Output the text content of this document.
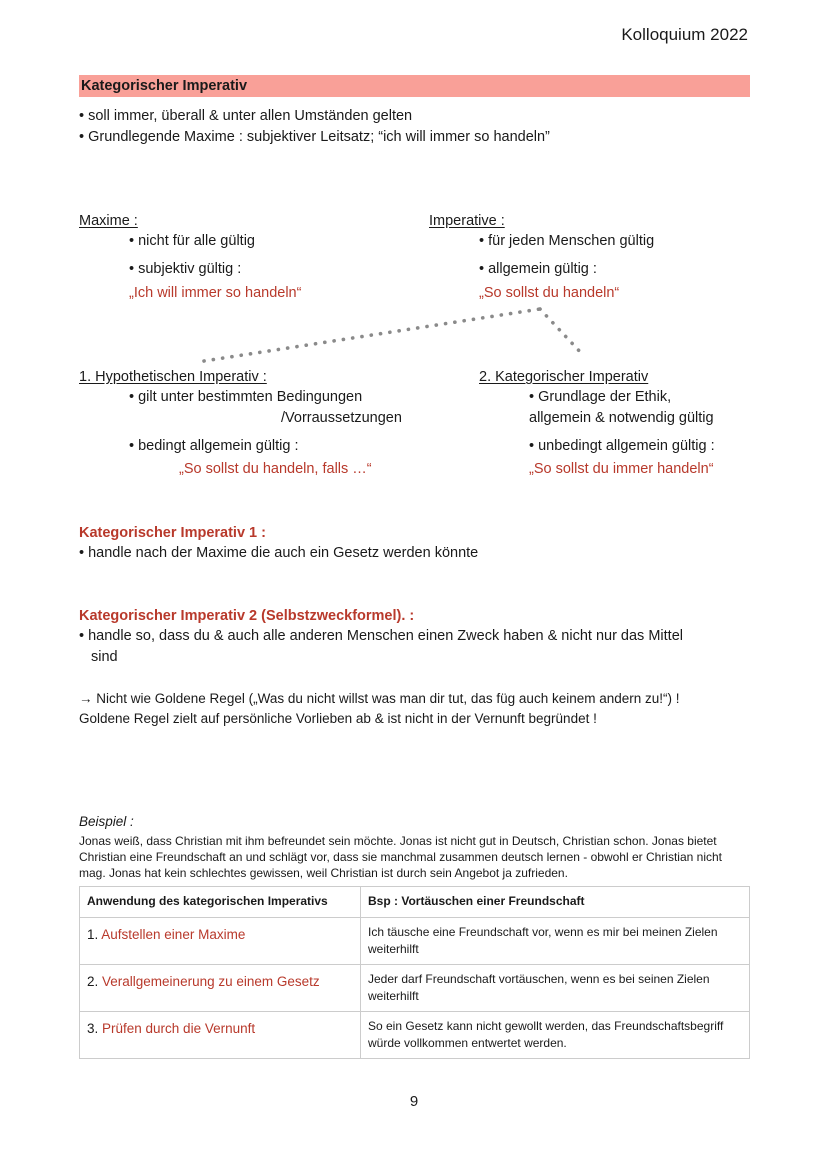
Kolloquium 2022
Kategorischer Imperativ
• soll immer, überall & unter allen Umständen gelten
• Grundlegende Maxime : subjektiver Leitsatz; “ich will immer so handeln”
Maxime :
• nicht für alle gültig
• subjektiv gültig :
„Ich will immer so handeln“
Imperative :
• für jeden Menschen gültig
• allgemein gültig :
„So sollst du handeln“
1. Hypothetischen Imperativ :
• gilt unter bestimmten Bedingungen
/Vorraussetzungen
• bedingt allgemein gültig :
„So sollst du handeln, falls …“
2. Kategorischer Imperativ
• Grundlage der Ethik,
allgemein & notwendig gültig
• unbedingt allgemein gültig :
„So sollst du immer handeln“
Kategorischer Imperativ 1 :
• handle nach der Maxime die auch ein Gesetz werden könnte
Kategorischer Imperativ 2 (Selbstzweckformel). :
• handle so, dass du & auch alle anderen Menschen einen Zweck haben & nicht nur das Mittel
sind
→ Nicht wie Goldene Regel („Was du nicht willst was man dir tut, das füg auch keinem andern zu!“) !
Goldene Regel zielt auf persönliche Vorlieben ab & ist nicht in der Vernunft begründet !
Beispiel :
Jonas weiß, dass Christian mit ihm befreundet sein möchte. Jonas ist nicht gut in Deutsch, Christian schon. Jonas bietet
Christian eine Freundschaft an und schlägt vor, dass sie manchmal zusammen deutsch lernen - obwohl er Christian nicht
mag. Jonas hat kein schlechtes gewissen, weil Christian ist durch sein Angebot ja zufrieden.
Anwendung des kategorischen Imperativs	Bsp : Vortäuschen einer Freundschaft
1. Aufstellen einer Maxime	Ich täusche eine Freundschaft vor, wenn es mir bei meinen Zielen weiterhilft
2. Verallgemeinerung zu einem Gesetz	Jeder darf Freundschaft vortäuschen, wenn es bei seinen Zielen weiterhilft
3. Prüfen durch die Vernunft	So ein Gesetz kann nicht gewollt werden, das Freundschaftsbegriff würde vollkommen entwertet werden.
9
